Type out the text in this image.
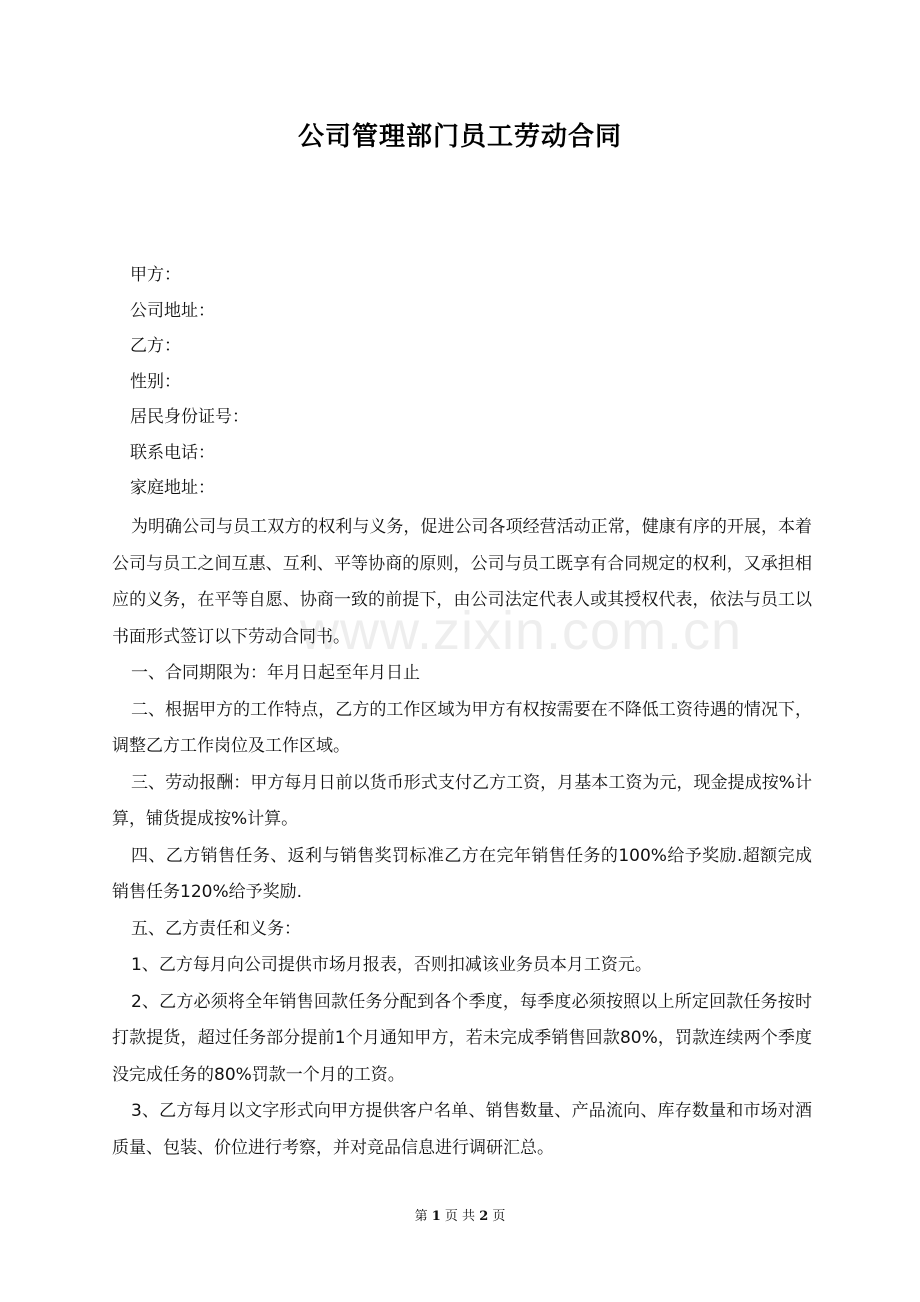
公司管理部门员工劳动合同
甲方：
公司地址：
乙方：
性别：
居民身份证号：
联系电话：
家庭地址：

为明确公司与员工双方的权利与义务，促进公司各项经营活动正常，健康有序的开展，本着公司与员工之间互惠、互利、平等协商的原则，公司与员工既享有合同规定的权利，又承担相应的义务，在平等自愿、协商一致的前提下，由公司法定代表人或其授权代表，依法与员工以书面形式签订以下劳动合同书。

一、合同期限为：年月日起至年月日止

二、根据甲方的工作特点，乙方的工作区域为甲方有权按需要在不降低工资待遇的情况下，调整乙方工作岗位及工作区域。

三、劳动报酬：甲方每月日前以货币形式支付乙方工资，月基本工资为元，现金提成按%计算，铺货提成按%计算。

四、乙方销售任务、返利与销售奖罚标准乙方在完年销售任务的100%给予奖励.超额完成销售任务120%给予奖励.

五、乙方责任和义务：

1、乙方每月向公司提供市场月报表，否则扣减该业务员本月工资元。

2、乙方必须将全年销售回款任务分配到各个季度，每季度必须按照以上所定回款任务按时打款提货，超过任务部分提前1个月通知甲方，若未完成季销售回款80%，罚款连续两个季度没完成任务的80%罚款一个月的工资。

3、乙方每月以文字形式向甲方提供客户名单、销售数量、产品流向、库存数量和市场对酒质量、包装、价位进行考察，并对竞品信息进行调研汇总。

www.zixin.com.cn
第 1 页 共 2 页
